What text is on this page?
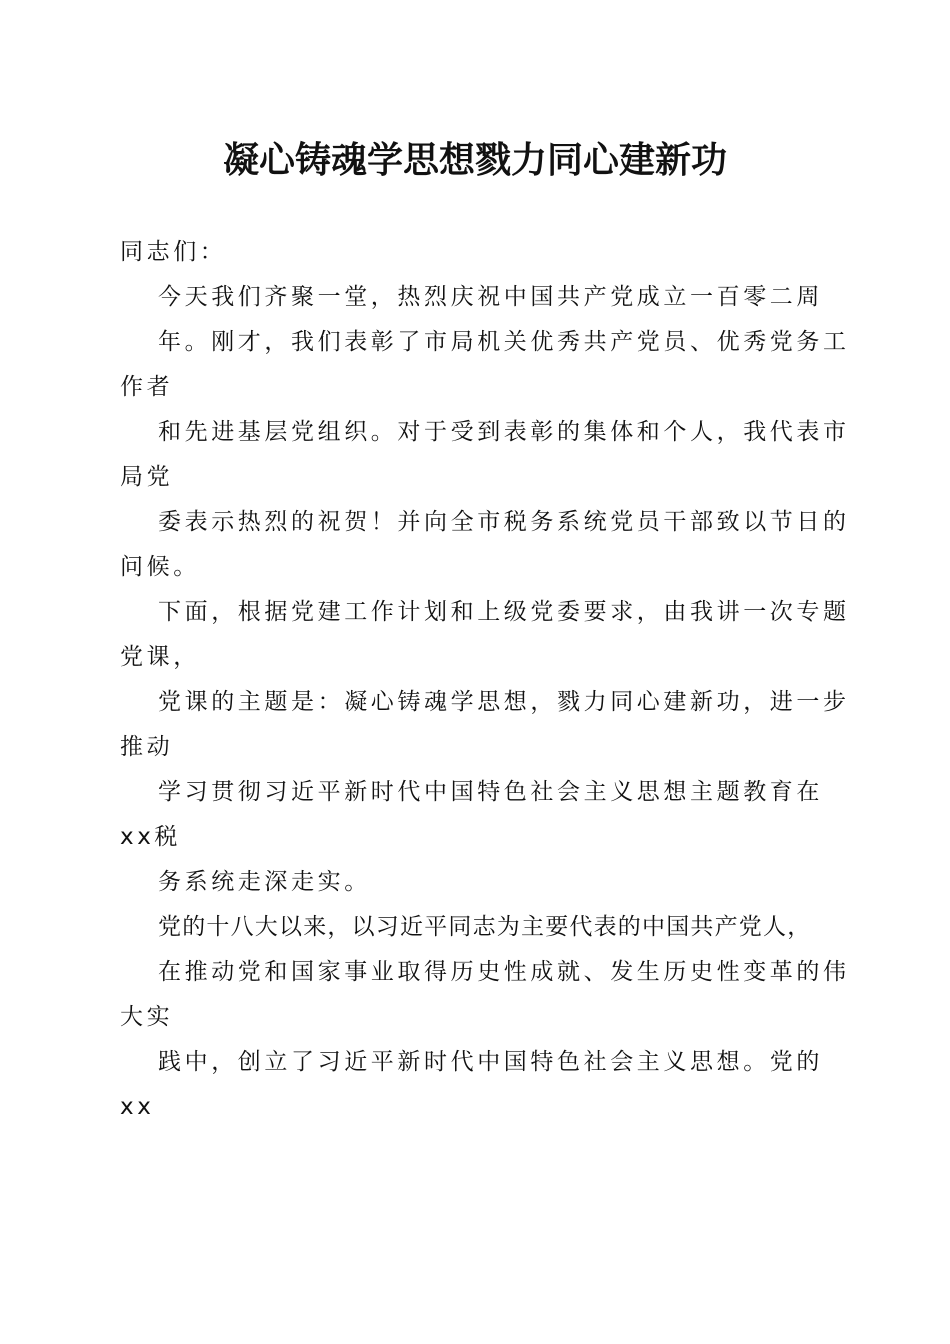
凝心铸魂学思想戮力同心建新功
同志们：
今天我们齐聚一堂，热烈庆祝中国共产党成立一百零二周
年。刚才，我们表彰了市局机关优秀共产党员、优秀党务工
作者
和先进基层党组织。对于受到表彰的集体和个人，我代表市
局党
委表示热烈的祝贺！并向全市税务系统党员干部致以节日的
问候。
下面，根据党建工作计划和上级党委要求，由我讲一次专题
党课，
党课的主题是：凝心铸魂学思想，戮力同心建新功，进一步
推动
学习贯彻习近平新时代中国特色社会主义思想主题教育在
xx税
务系统走深走实。
党的十八大以来，以习近平同志为主要代表的中国共产党人，
在推动党和国家事业取得历史性成就、发生历史性变革的伟
大实
践中，创立了习近平新时代中国特色社会主义思想。党的
xx
